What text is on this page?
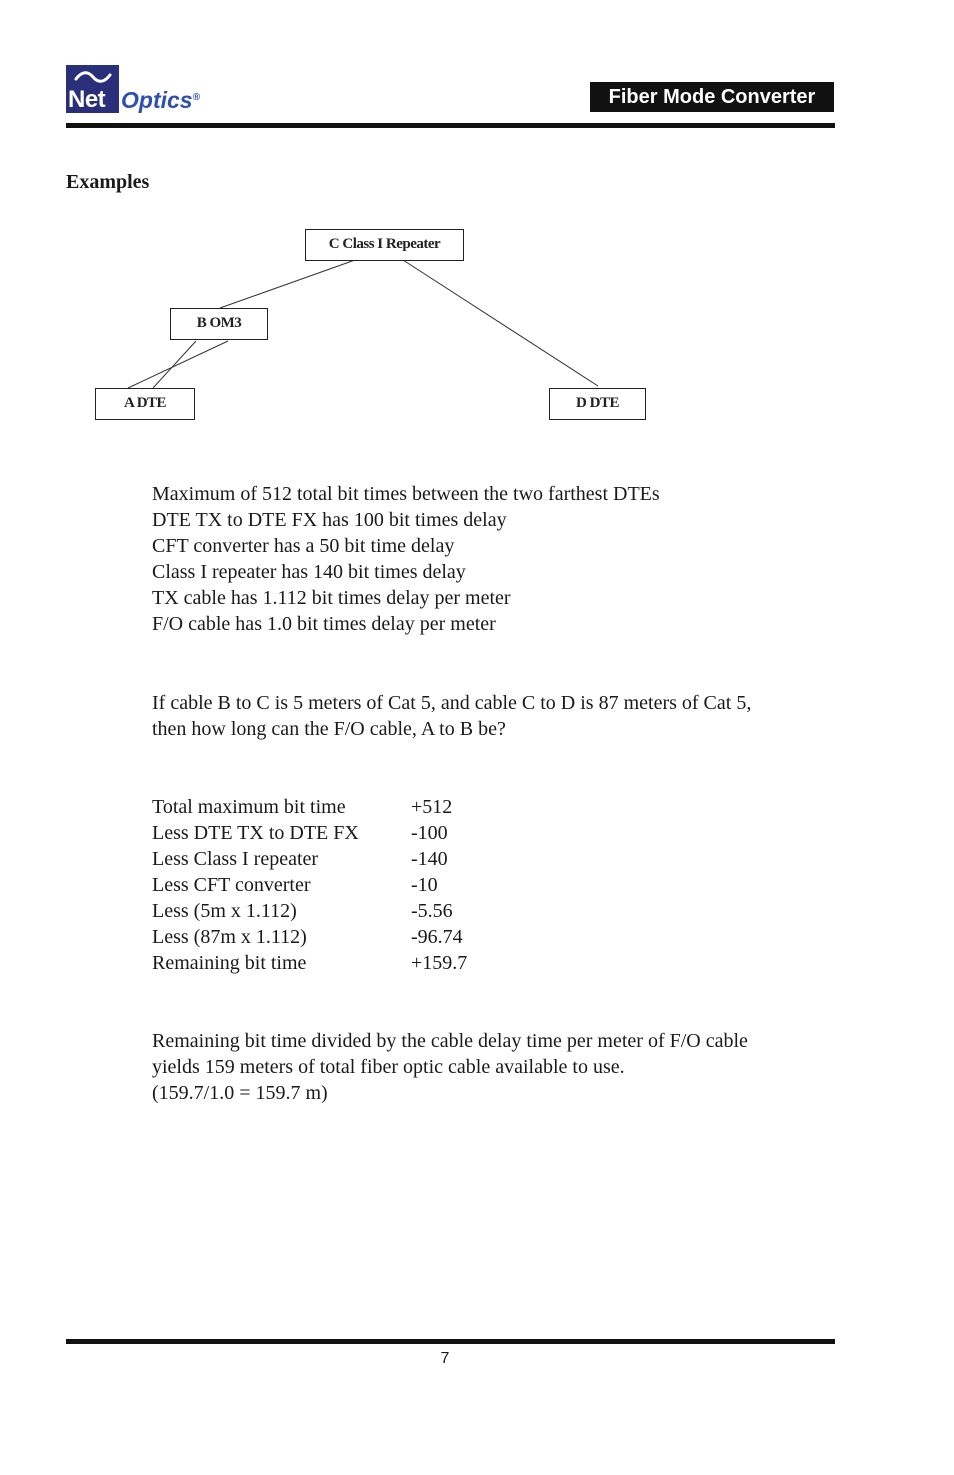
Net Optics®	Fiber Mode Converter
Examples
C Class I Repeater
B OM3
A DTE	D DTE
Maximum of 512 total bit times between the two farthest DTEs
DTE TX to DTE FX has 100 bit times delay
CFT converter has a 50 bit time delay
Class I repeater has 140 bit times delay
TX cable has 1.112 bit times delay per meter
F/O cable has 1.0 bit times delay per meter
If cable B to C is 5 meters of Cat 5, and cable C to D is 87 meters of Cat 5,
then how long can the F/O cable, A to B be?
Total maximum bit time	+512
Less DTE TX to DTE FX	-100
Less Class I repeater	-140
Less CFT converter	-10
Less (5m x 1.112)	-5.56
Less (87m x 1.112)	-96.74
Remaining bit time	+159.7
Remaining bit time divided by the cable delay time per meter of F/O cable
yields 159 meters of total fiber optic cable available to use.
(159.7/1.0 = 159.7 m)
7
